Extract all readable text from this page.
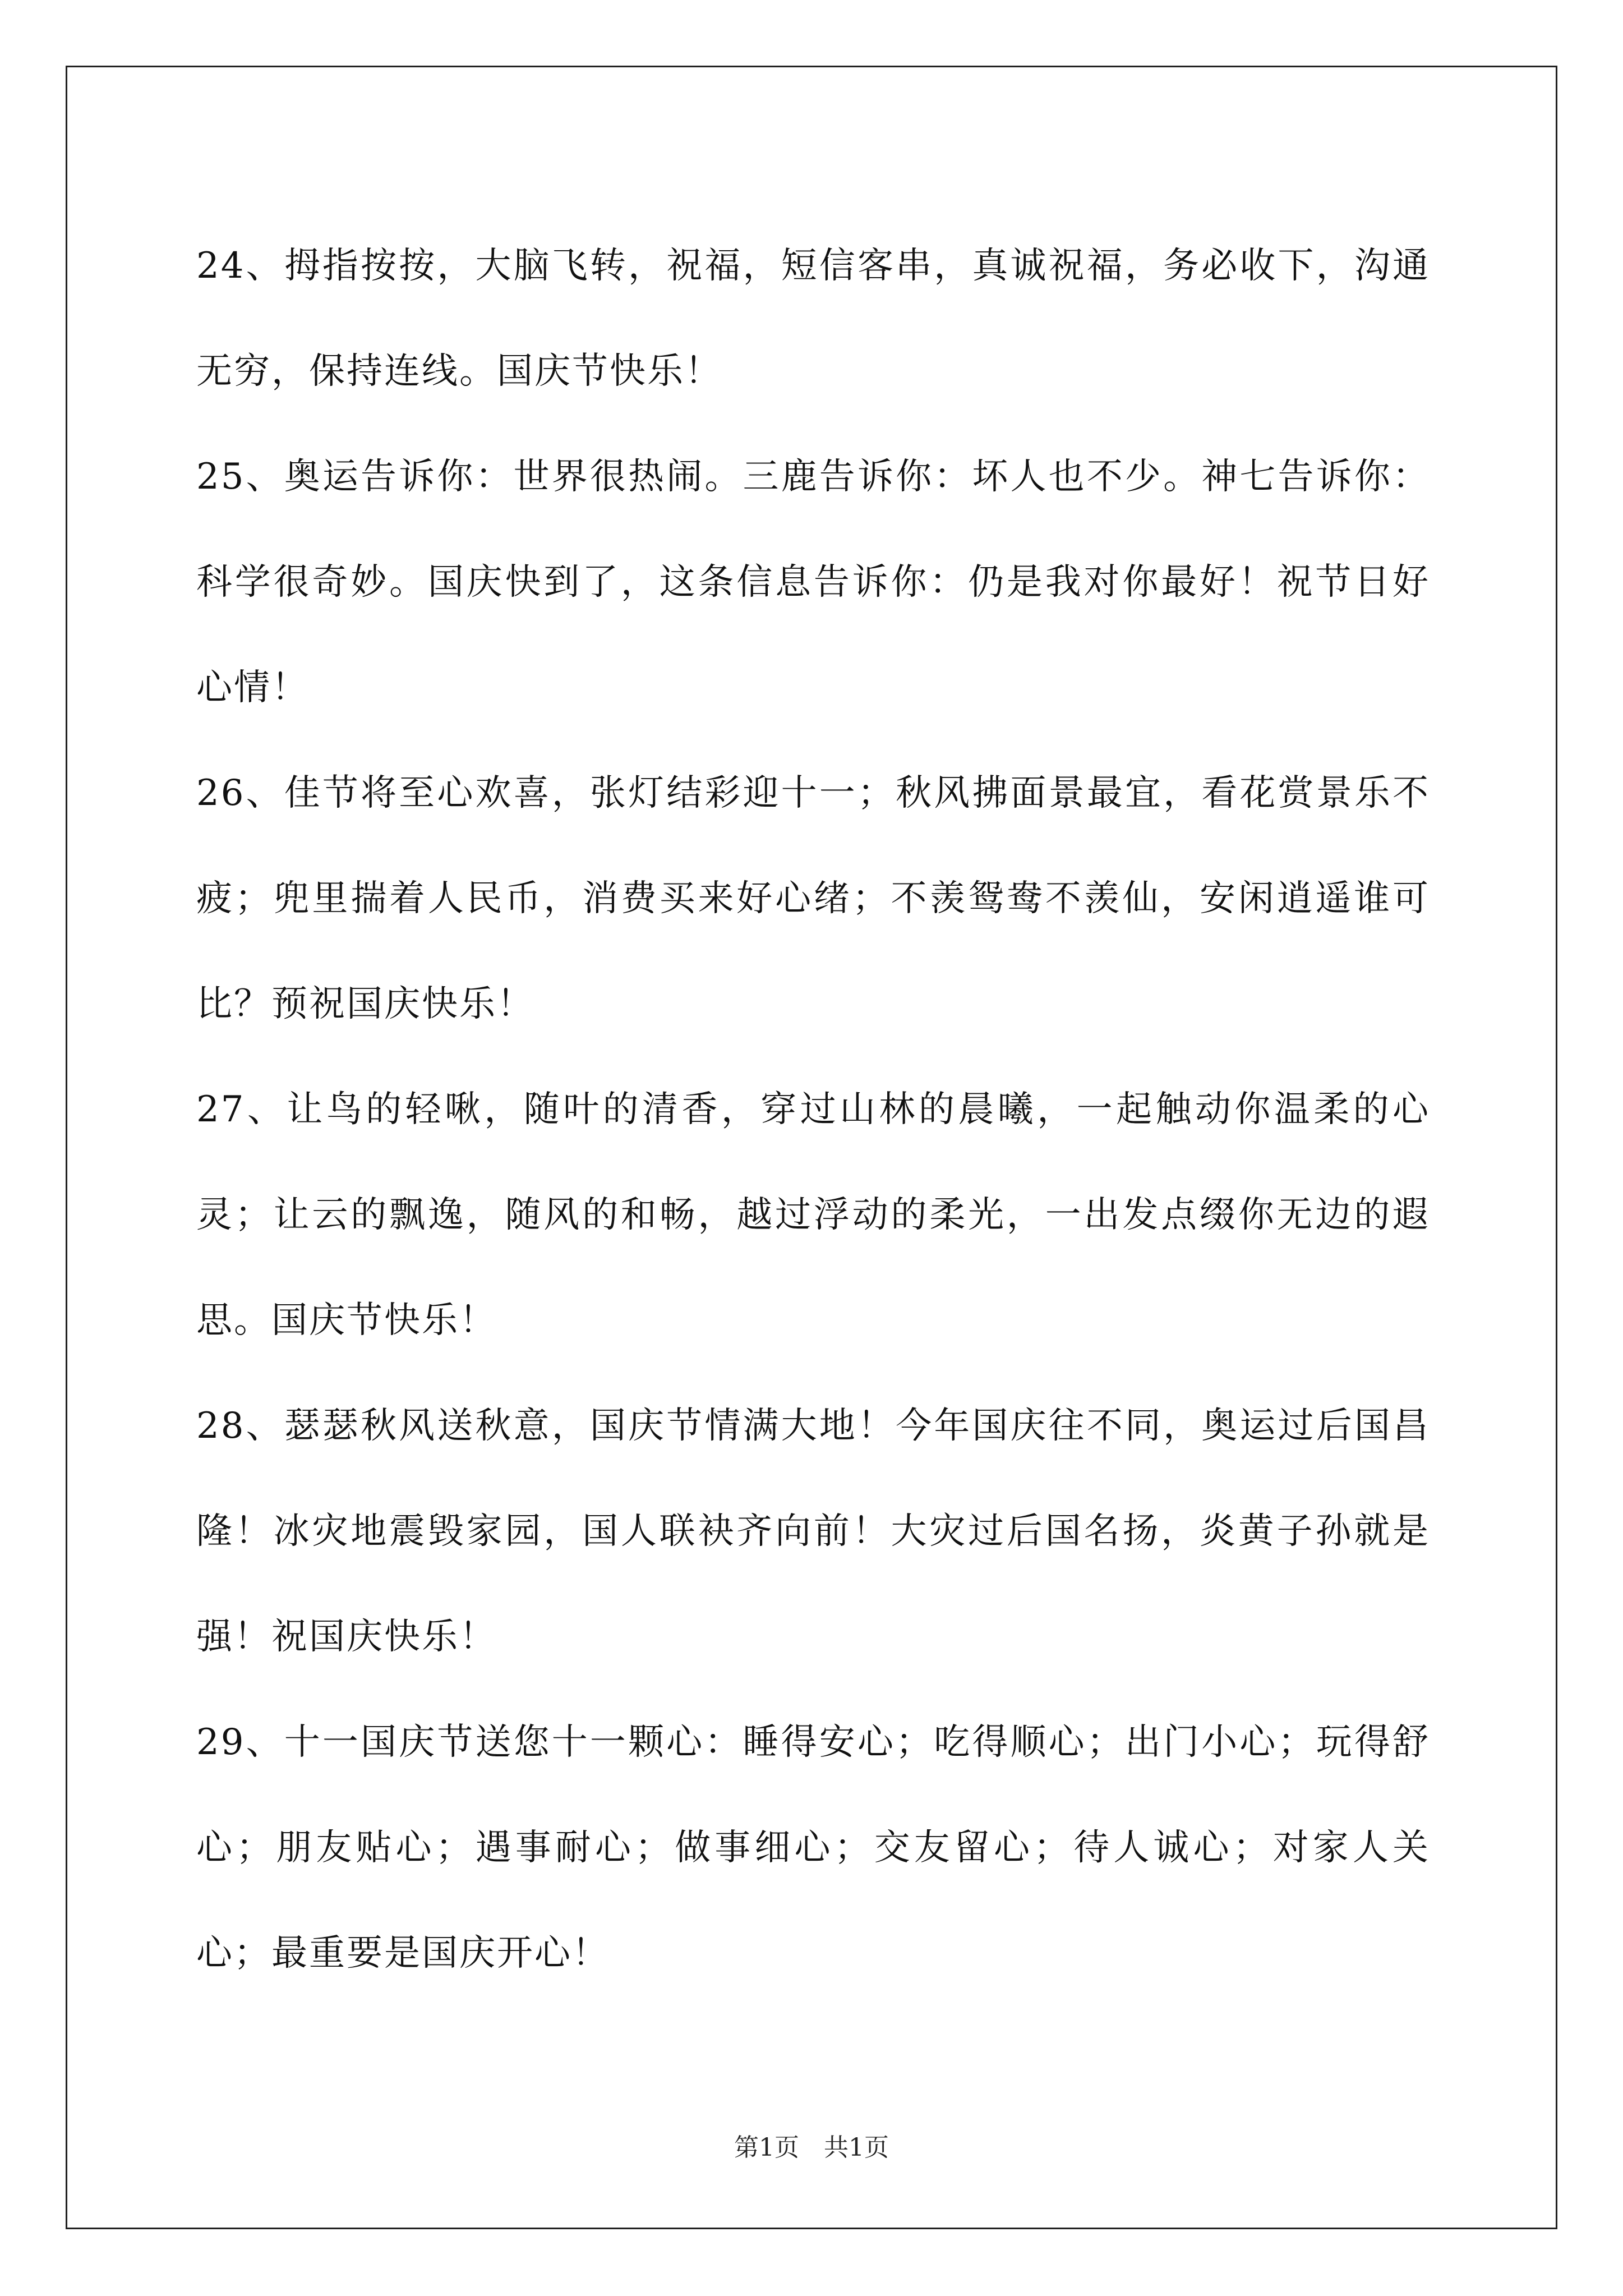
24、拇指按按，大脑飞转，祝福，短信客串，真诚祝福，务必收下，沟通无穷，保持连线。国庆节快乐！

25、奥运告诉你：世界很热闹。三鹿告诉你：坏人也不少。神七告诉你：科学很奇妙。国庆快到了，这条信息告诉你：仍是我对你最好！祝节日好心情！

26、佳节将至心欢喜，张灯结彩迎十一；秋风拂面景最宜，看花赏景乐不疲；兜里揣着人民币，消费买来好心绪；不羡鸳鸯不羡仙，安闲逍遥谁可比？预祝国庆快乐！

27、让鸟的轻啾，随叶的清香，穿过山林的晨曦，一起触动你温柔的心灵；让云的飘逸，随风的和畅，越过浮动的柔光，一出发点缀你无边的遐思。国庆节快乐！

28、瑟瑟秋风送秋意，国庆节情满大地！今年国庆往不同，奥运过后国昌隆！冰灾地震毁家园，国人联袂齐向前！大灾过后国名扬，炎黄子孙就是强！祝国庆快乐！

29、十一国庆节送您十一颗心：睡得安心；吃得顺心；出门小心；玩得舒心；朋友贴心；遇事耐心；做事细心；交友留心；待人诚心；对家人关心；最重要是国庆开心！

第1页　共1页
